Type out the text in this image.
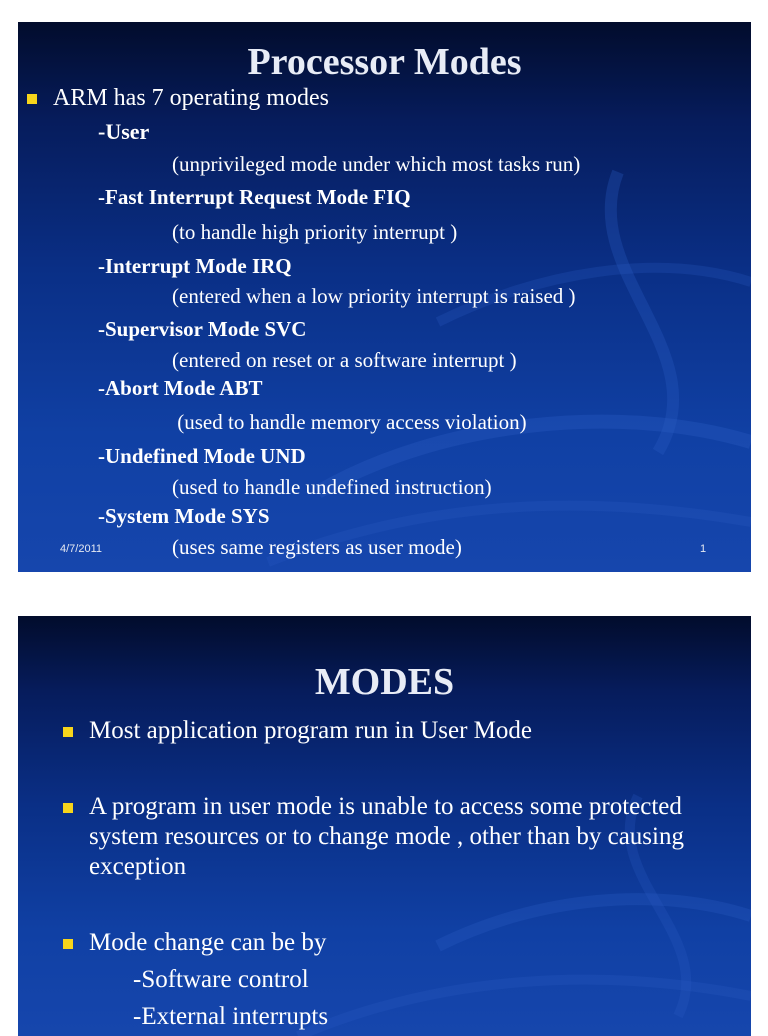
Processor Modes
ARM has 7 operating modes
-User
(unprivileged mode under which most tasks run)
-Fast Interrupt Request Mode FIQ
(to handle high priority interrupt )
-Interrupt Mode IRQ
(entered when a low priority interrupt is raised )
-Supervisor Mode SVC
(entered on reset or a software interrupt )
-Abort Mode ABT
(used to handle memory access violation)
-Undefined Mode UND
(used to handle undefined instruction)
-System Mode SYS
(uses same registers as user mode)
4/7/2011	1
MODES
Most application program run in User Mode
A program in user mode is unable to access some protected system resources or to change mode , other than by causing exception
Mode change can be by
-Software control
-External interrupts
